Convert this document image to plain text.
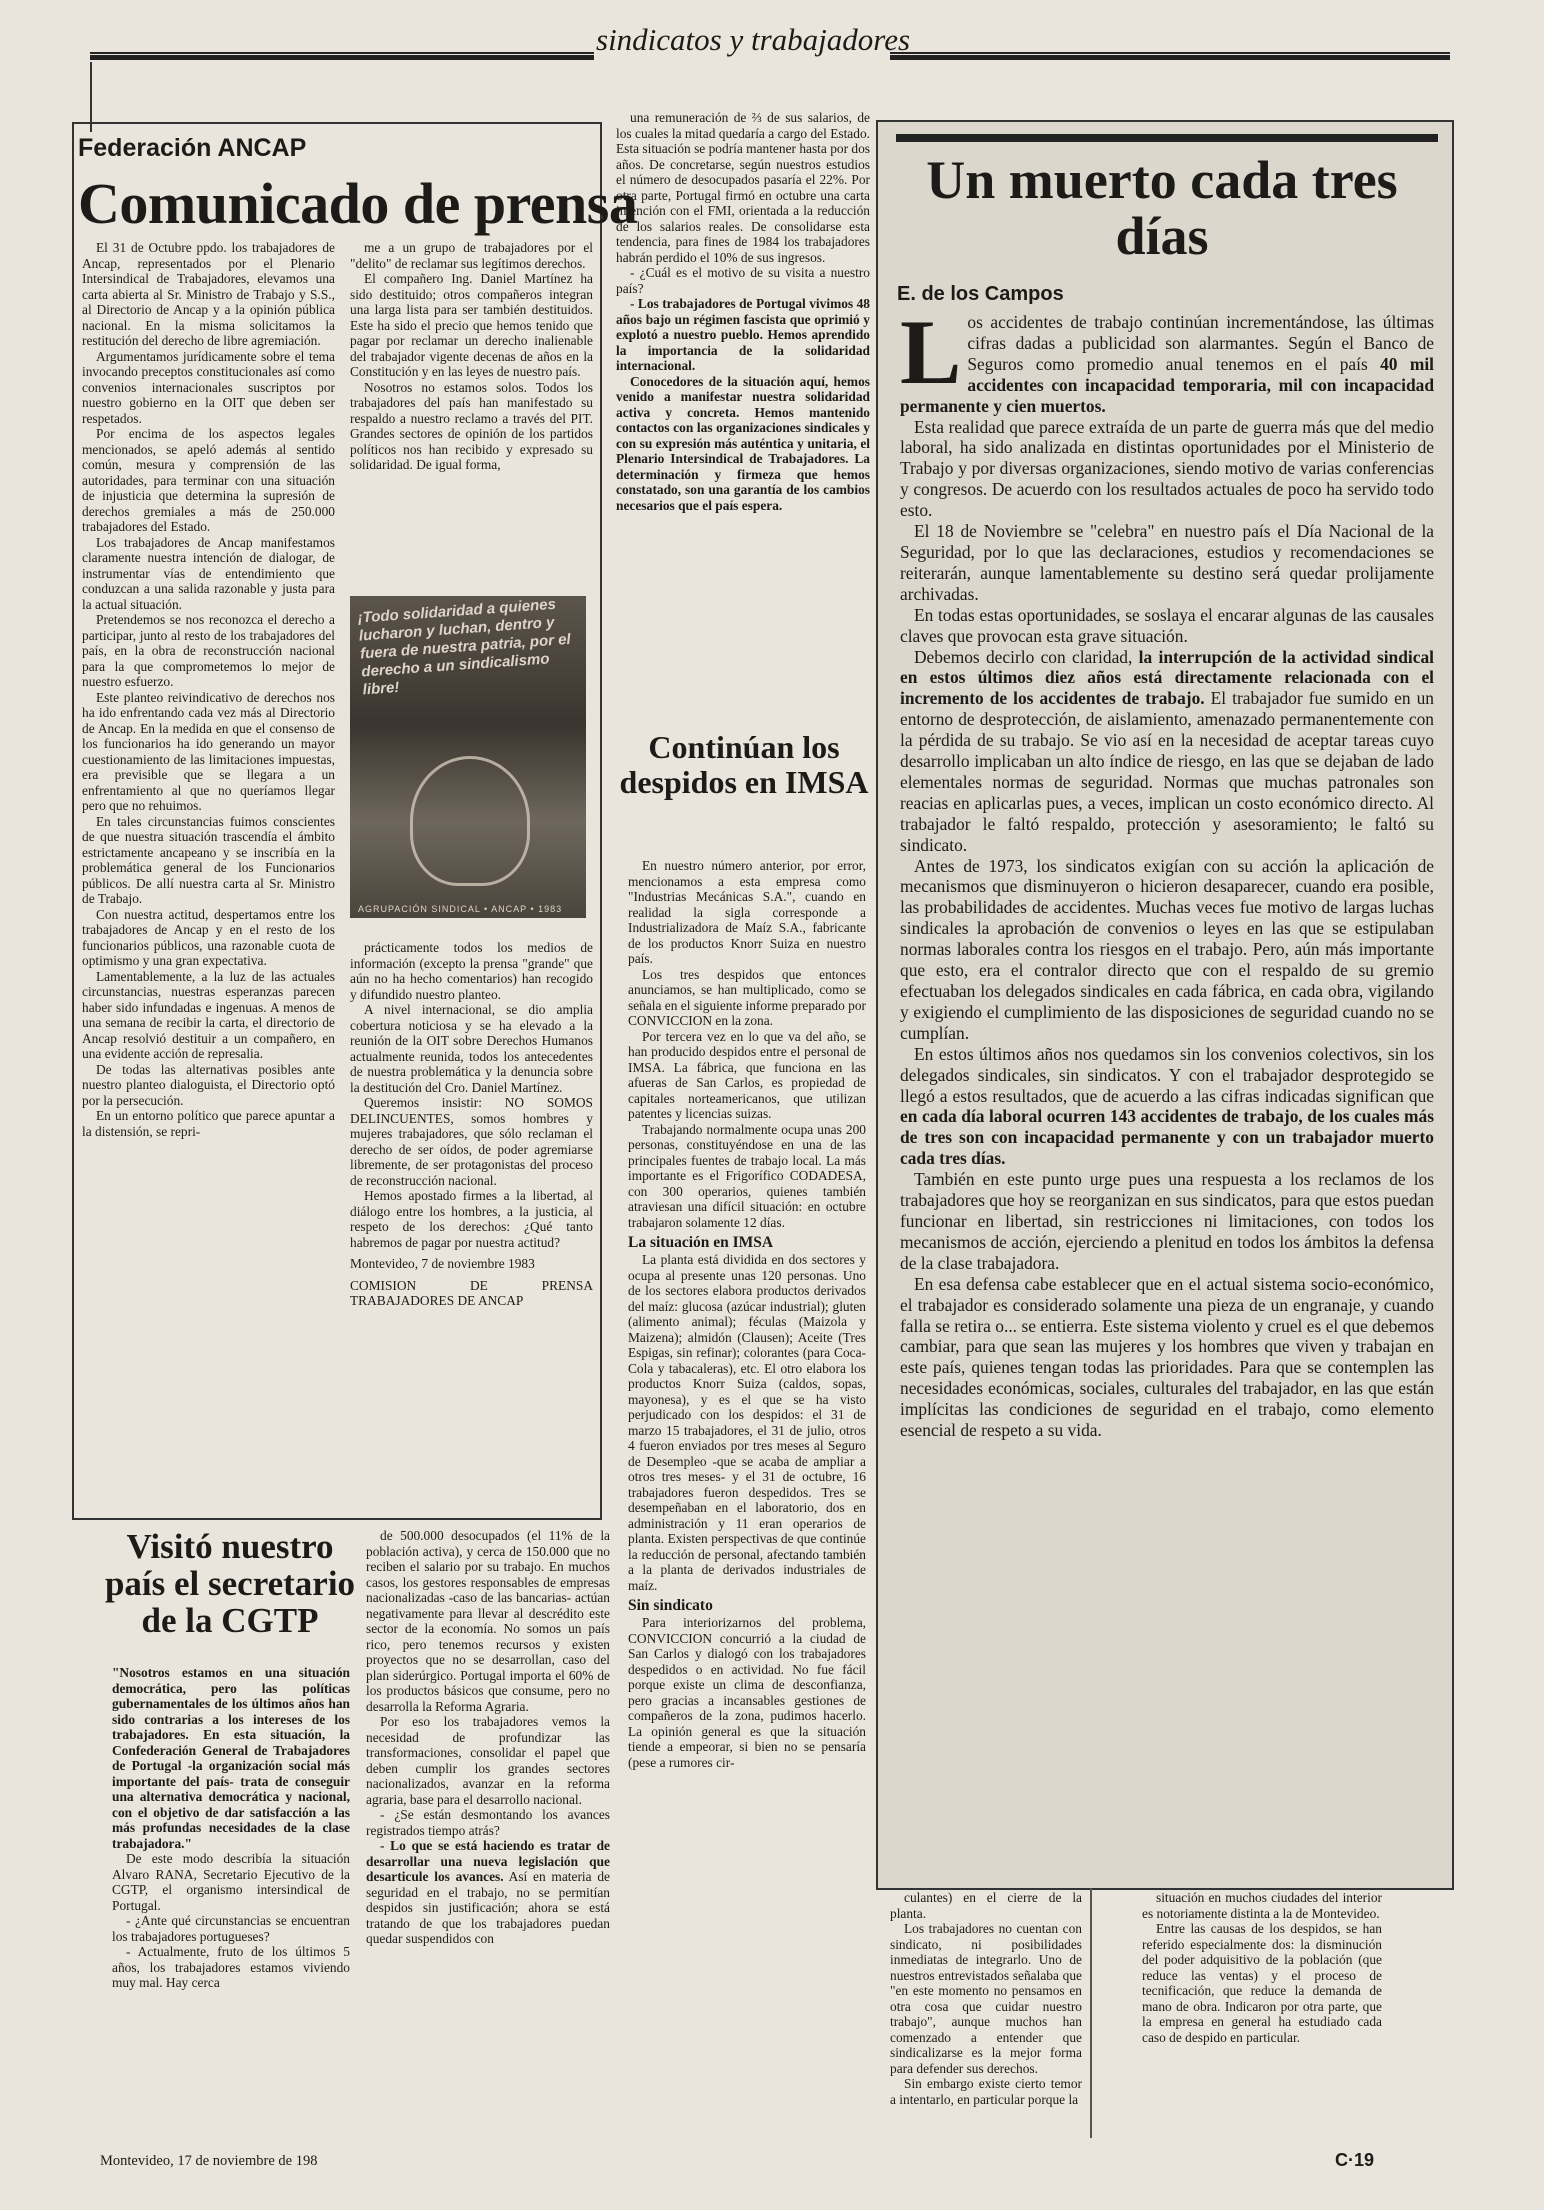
sindicatos y trabajadores
Federación ANCAP
Comunicado de prensa

El 31 de Octubre ppdo. los trabajadores de Ancap, representados por el Plenario Intersindical de Trabajadores, elevamos una carta abierta al Sr. Ministro de Trabajo y S.S., al Directorio de Ancap y a la opinión pública nacional. En la misma solicitamos la restitución del derecho de libre agremiación.

Argumentamos jurídicamente sobre el tema invocando preceptos constitucionales así como convenios internacionales suscriptos por nuestro gobierno en la OIT que deben ser respetados.

Por encima de los aspectos legales mencionados, se apeló además al sentido común, mesura y comprensión de las autoridades, para terminar con una situación de injusticia que determina la supresión de derechos gremiales a más de 250.000 trabajadores del Estado.

Los trabajadores de Ancap manifestamos claramente nuestra intención de dialogar, de instrumentar vías de entendimiento que conduzcan a una salida razonable y justa para la actual situación.

Pretendemos se nos reconozca el derecho a participar, junto al resto de los trabajadores del país, en la obra de reconstrucción nacional para la que comprometemos lo mejor de nuestro esfuerzo.

Este planteo reivindicativo de derechos nos ha ido enfrentando cada vez más al Directorio de Ancap. En la medida en que el consenso de los funcionarios ha ido generando un mayor cuestionamiento de las limitaciones impuestas, era previsible que se llegara a un enfrentamiento al que no queríamos llegar pero que no rehuimos.

En tales circunstancias fuimos conscientes de que nuestra situación trascendía el ámbito estrictamente ancapeano y se inscribía en la problemática general de los Funcionarios públicos. De allí nuestra carta al Sr. Ministro de Trabajo.

Con nuestra actitud, despertamos entre los trabajadores de Ancap y en el resto de los funcionarios públicos, una razonable cuota de optimismo y una gran expectativa.

Lamentablemente, a la luz de las actuales circunstancias, nuestras esperanzas parecen haber sido infundadas e ingenuas. A menos de una semana de recibir la carta, el directorio de Ancap resolvió destituir a un compañero, en una evidente acción de represalia.

De todas las alternativas posibles ante nuestro planteo dialoguista, el Directorio optó por la persecución.

En un entorno político que parece apuntar a la distensión, se repri-

me a un grupo de trabajadores por el "delito" de reclamar sus legítimos derechos.

El compañero Ing. Daniel Martínez ha sido destituido; otros compañeros integran una larga lista para ser también destituidos. Este ha sido el precio que hemos tenido que pagar por reclamar un derecho inalienable del trabajador vigente decenas de años en la Constitución y en las leyes de nuestro país.

Nosotros no estamos solos. Todos los trabajadores del país han manifestado su respaldo a nuestro reclamo a través del PIT. Grandes sectores de opinión de los partidos políticos nos han recibido y expresado su solidaridad. De igual forma,

¡Todo solidaridad a quienes lucharon y luchan, dentro y fuera de nuestra patria, por el derecho a un sindicalismo libre!
AGRUPACIÓN SINDICAL • ANCAP • 1983

prácticamente todos los medios de información (excepto la prensa "grande" que aún no ha hecho comentarios) han recogido y difundido nuestro planteo.

A nivel internacional, se dio amplia cobertura noticiosa y se ha elevado a la reunión de la OIT sobre Derechos Humanos actualmente reunida, todos los antecedentes de nuestra problemática y la denuncia sobre la destitución del Cro. Daniel Martínez.

Queremos insistir: NO SOMOS DELINCUENTES, somos hombres y mujeres trabajadores, que sólo reclaman el derecho de ser oídos, de poder agremiarse libremente, de ser protagonistas del proceso de reconstrucción nacional.

Hemos apostado firmes a la libertad, al diálogo entre los hombres, a la justicia, al respeto de los derechos: ¿Qué tanto habremos de pagar por nuestra actitud?

Montevideo, 7 de noviembre 1983

COMISION DE PRENSA TRABAJADORES DE ANCAP

una remuneración de ⅔ de sus salarios, de los cuales la mitad quedaría a cargo del Estado. Esta situación se podría mantener hasta por dos años. De concretarse, según nuestros estudios el número de desocupados pasaría el 22%. Por otra parte, Portugal firmó en octubre una carta intención con el FMI, orientada a la reducción de los salarios reales. De consolidarse esta tendencia, para fines de 1984 los trabajadores habrán perdido el 10% de sus ingresos.

- ¿Cuál es el motivo de su visita a nuestro país?

- Los trabajadores de Portugal vivimos 48 años bajo un régimen fascista que oprimió y explotó a nuestro pueblo. Hemos aprendido la importancia de la solidaridad internacional.

Conocedores de la situación aquí, hemos venido a manifestar nuestra solidaridad activa y concreta. Hemos mantenido contactos con las organizaciones sindicales y con su expresión más auténtica y unitaria, el Plenario Intersindical de Trabajadores. La determinación y firmeza que hemos constatado, son una garantía de los cambios necesarios que el país espera.

Un muerto cada tres días
E. de los Campos

Los accidentes de trabajo continúan incrementándose, las últimas cifras dadas a publicidad son alarmantes. Según el Banco de Seguros como promedio anual tenemos en el país 40 mil accidentes con incapacidad temporaria, mil con incapacidad permanente y cien muertos.

Esta realidad que parece extraída de un parte de guerra más que del medio laboral, ha sido analizada en distintas oportunidades por el Ministerio de Trabajo y por diversas organizaciones, siendo motivo de varias conferencias y congresos. De acuerdo con los resultados actuales de poco ha servido todo esto.

El 18 de Noviembre se "celebra" en nuestro país el Día Nacional de la Seguridad, por lo que las declaraciones, estudios y recomendaciones se reiterarán, aunque lamentablemente su destino será quedar prolijamente archivadas.

En todas estas oportunidades, se soslaya el encarar algunas de las causales claves que provocan esta grave situación.

Debemos decirlo con claridad, la interrupción de la actividad sindical en estos últimos diez años está directamente relacionada con el incremento de los accidentes de trabajo. El trabajador fue sumido en un entorno de desprotección, de aislamiento, amenazado permanentemente con la pérdida de su trabajo. Se vio así en la necesidad de aceptar tareas cuyo desarrollo implicaban un alto índice de riesgo, en las que se dejaban de lado elementales normas de seguridad. Normas que muchas patronales son reacias en aplicarlas pues, a veces, implican un costo económico directo. Al trabajador le faltó respaldo, protección y asesoramiento; le faltó su sindicato.

Antes de 1973, los sindicatos exigían con su acción la aplicación de mecanismos que disminuyeron o hicieron desaparecer, cuando era posible, las probabilidades de accidentes. Muchas veces fue motivo de largas luchas sindicales la aprobación de convenios o leyes en las que se estipulaban normas laborales contra los riesgos en el trabajo. Pero, aún más importante que esto, era el contralor directo que con el respaldo de su gremio efectuaban los delegados sindicales en cada fábrica, en cada obra, vigilando y exigiendo el cumplimiento de las disposiciones de seguridad cuando no se cumplían.

En estos últimos años nos quedamos sin los convenios colectivos, sin los delegados sindicales, sin sindicatos. Y con el trabajador desprotegido se llegó a estos resultados, que de acuerdo a las cifras indicadas significan que en cada día laboral ocurren 143 accidentes de trabajo, de los cuales más de tres son con incapacidad permanente y con un trabajador muerto cada tres días.

También en este punto urge pues una respuesta a los reclamos de los trabajadores que hoy se reorganizan en sus sindicatos, para que estos puedan funcionar en libertad, sin restricciones ni limitaciones, con todos los mecanismos de acción, ejerciendo a plenitud en todos los ámbitos la defensa de la clase trabajadora.

En esa defensa cabe establecer que en el actual sistema socio-económico, el trabajador es considerado solamente una pieza de un engranaje, y cuando falla se retira o... se entierra. Este sistema violento y cruel es el que debemos cambiar, para que sean las mujeres y los hombres que viven y trabajan en este país, quienes tengan todas las prioridades. Para que se contemplen las necesidades económicas, sociales, culturales del trabajador, en las que están implícitas las condiciones de seguridad en el trabajo, como elemento esencial de respeto a su vida.

Continúan los despidos en IMSA

En nuestro número anterior, por error, mencionamos a esta empresa como "Industrias Mecánicas S.A.", cuando en realidad la sigla corresponde a Industrializadora de Maíz S.A., fabricante de los productos Knorr Suiza en nuestro país.

Los tres despidos que entonces anunciamos, se han multiplicado, como se señala en el siguiente informe preparado por CONVICCION en la zona.

Por tercera vez en lo que va del año, se han producido despidos entre el personal de IMSA. La fábrica, que funciona en las afueras de San Carlos, es propiedad de capitales norteamericanos, que utilizan patentes y licencias suizas.

Trabajando normalmente ocupa unas 200 personas, constituyéndose en una de las principales fuentes de trabajo local. La más importante es el Frigorífico CODADESA, con 300 operarios, quienes también atraviesan una difícil situación: en octubre trabajaron solamente 12 días.

La situación en IMSA

La planta está dividida en dos sectores y ocupa al presente unas 120 personas. Uno de los sectores elabora productos derivados del maíz: glucosa (azúcar industrial); gluten (alimento animal); féculas (Maizola y Maizena); almidón (Clausen); Aceite (Tres Espigas, sin refinar); colorantes (para Coca-Cola y tabacaleras), etc. El otro elabora los productos Knorr Suiza (caldos, sopas, mayonesa), y es el que se ha visto perjudicado con los despidos: el 31 de marzo 15 trabajadores, el 31 de julio, otros 4 fueron enviados por tres meses al Seguro de Desempleo -que se acaba de ampliar a otros tres meses- y el 31 de octubre, 16 trabajadores fueron despedidos. Tres se desempeñaban en el laboratorio, dos en administración y 11 eran operarios de planta. Existen perspectivas de que continúe la reducción de personal, afectando también a la planta de derivados industriales de maíz.

Sin sindicato

Para interiorizarnos del problema, CONVICCION concurrió a la ciudad de San Carlos y dialogó con los trabajadores despedidos o en actividad. No fue fácil porque existe un clima de desconfianza, pero gracias a incansables gestiones de compañeros de la zona, pudimos hacerlo. La opinión general es que la situación tiende a empeorar, si bien no se pensaría (pese a rumores cir-

culantes) en el cierre de la planta.

Los trabajadores no cuentan con sindicato, ni posibilidades inmediatas de integrarlo. Uno de nuestros entrevistados señalaba que "en este momento no pensamos en otra cosa que cuidar nuestro trabajo", aunque muchos han comenzado a entender que sindicalizarse es la mejor forma para defender sus derechos.

Sin embargo existe cierto temor a intentarlo, en particular porque la

situación en muchos ciudades del interior es notoriamente distinta a la de Montevideo.

Entre las causas de los despidos, se han referido especialmente dos: la disminución del poder adquisitivo de la población (que reduce las ventas) y el proceso de tecnificación, que reduce la demanda de mano de obra. Indicaron por otra parte, que la empresa en general ha estudiado cada caso de despido en particular.

Visitó nuestro país el secretario de la CGTP

"Nosotros estamos en una situación democrática, pero las políticas gubernamentales de los últimos años han sido contrarias a los intereses de los trabajadores. En esta situación, la Confederación General de Trabajadores de Portugal -la organización social más importante del país- trata de conseguir una alternativa democrática y nacional, con el objetivo de dar satisfacción a las más profundas necesidades de la clase trabajadora."

De este modo describía la situación Alvaro RANA, Secretario Ejecutivo de la CGTP, el organismo intersindical de Portugal.

- ¿Ante qué circunstancias se encuentran los trabajadores portugueses?

- Actualmente, fruto de los últimos 5 años, los trabajadores estamos viviendo muy mal. Hay cerca

de 500.000 desocupados (el 11% de la población activa), y cerca de 150.000 que no reciben el salario por su trabajo. En muchos casos, los gestores responsables de empresas nacionalizadas -caso de las bancarias- actúan negativamente para llevar al descrédito este sector de la economía. No somos un país rico, pero tenemos recursos y existen proyectos que no se desarrollan, caso del plan siderúrgico. Portugal importa el 60% de los productos básicos que consume, pero no desarrolla la Reforma Agraria.

Por eso los trabajadores vemos la necesidad de profundizar las transformaciones, consolidar el papel que deben cumplir los grandes sectores nacionalizados, avanzar en la reforma agraria, base para el desarrollo nacional.

- ¿Se están desmontando los avances registrados tiempo atrás?

- Lo que se está haciendo es tratar de desarrollar una nueva legislación que desarticule los avances. Así en materia de seguridad en el trabajo, no se permitían despidos sin justificación; ahora se está tratando de que los trabajadores puedan quedar suspendidos con

Montevideo, 17 de noviembre de 198	C·19
